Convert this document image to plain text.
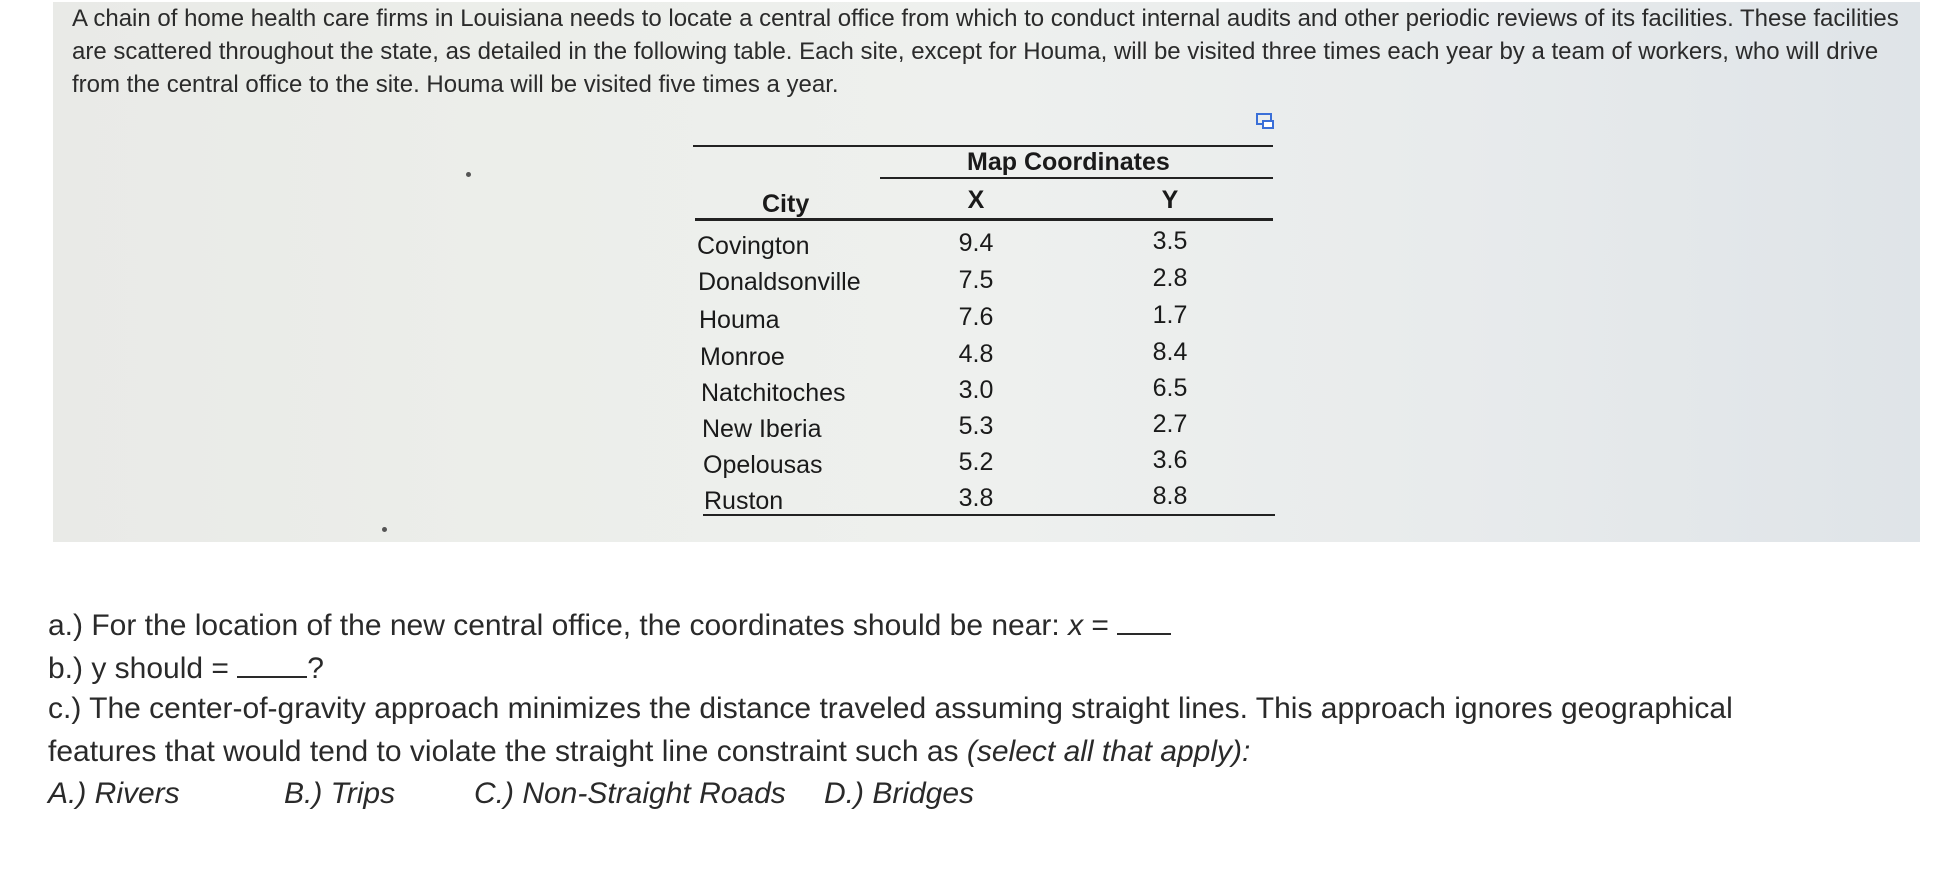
A chain of home health care firms in Louisiana needs to locate a central office from which to conduct internal audits and other periodic reviews of its facilities. These facilities are scattered throughout the state, as detailed in the following table. Each site, except for Houma, will be visited three times each year by a team of workers, who will drive from the central office to the site. Houma will be visited five times a year.

Map Coordinates
City	X	Y
Covington	9.4	3.5
Donaldsonville	7.5	2.8
Houma	7.6	1.7
Monroe	4.8	8.4
Natchitoches	3.0	6.5
New Iberia	5.3	2.7
Opelousas	5.2	3.6
Ruston	3.8	8.8

a.) For the location of the new central office, the coordinates should be near: x =

b.) y should = ?

c.) The center-of-gravity approach minimizes the distance traveled assuming straight lines. This approach ignores geographical

features that would tend to violate the straight line constraint such as (select all that apply):

A.) Rivers	B.) Trips	C.) Non-Straight Roads D.) Bridges
